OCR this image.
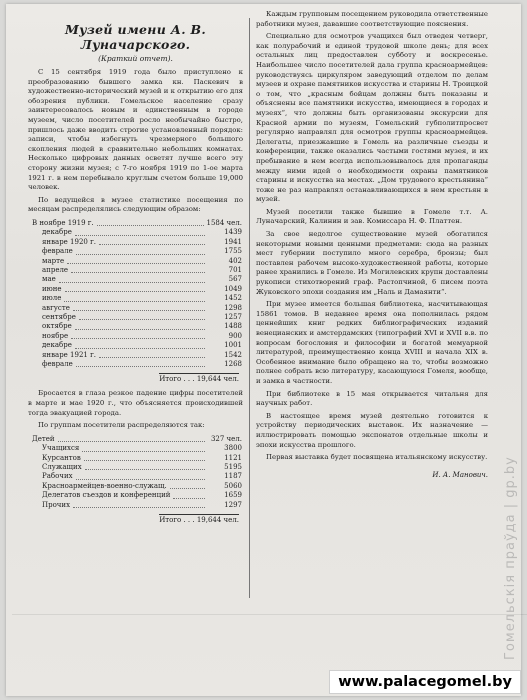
Музей имени А. В. Луначарского.
(Краткий отчет).

С 15 сентября 1919 года было приступлено к преобразованию бывшего замка кн. Паскевич в художественно-исторический музей и к открытию его для обозрения публики. Гомельское население сразу заинтересовалось новым и единственным в городе музеем, число посетителей росло необычайно быстро, пришлось даже вводить строгие установленный порядок: записи, чтобы избегнуть чрезмерного большого скопления людей в сравнительно небольших комнатах. Несколько цифровых данных осветят лучше всего эту сторону жизни музея; с 7-го ноября 1919 по 1-ое марта 1921 г. в нем перебывало круглым счетом больше 19,000 человек.

По ведущейся в музее статистике посещения по месяцам распределялись следующим образом:

В ноябре 1919 г.	1584 чел.
декабре	1439
январе 1920 г.	1941
феврале	1755
марте	402
апреле	701
мае	567
июне	1049
июле	1452
августе	1298
сентябре	1257
октябре	1488
ноябре	900
декабре	1001
январе 1921 г.	1542
феврале	1268
Итого . . . 19,644 чел.

Бросается в глаза резкое падение цифры посетителей в марте и мае 1920 г., что объясняется происходившей тогда эвакуацией города.

По группам посетители распределяются так:

Детей	327 чел.
Учащихся	3800
Курсантов	1121
Служащих	5195
Рабочих	1187
Красноармейцев-военно-служащ.	5060
Делегатов съездов и конференций	1659
Прочих	1297
Итого . . . 19,644 чел.

Каждым групповым посещением руководила ответственные работники музея, дававшие соответствующие пояснения.

Специально для осмотров учащихся был отведен четверг, как полурабочий и единой трудовой школе день; для всех остальных лиц предоставлен субботу и воскресенье. Наибольшее число посетителей дала группа красноармейцев: руководствуясь циркуляром заведующий отделом по делам музеев и охране памятников искусства и старины Н. Троицкой о том, что „красным бойцам должны быть показаны и объяснены все памятники искусства, имеющиеся в городах и музеях“, что должны быть организованы экскурсии для Красной армии по музеям, Гомельский губполитпросвет регулярно направлял для осмотров группы красноармейцев. Делегаты, приезжавшие в Гомель на различные съезды и конференции, также оказались частыми гостями музея, и их пребывание в нем всегда использовывалось для пропаганды между ними идей о необходимости охраны памятников старины и искусства на местах. „Дом трудового крестьянина“ тоже не раз направлял останавливающихся в нем крестьян в музей.

Музей посетили также бывшие в Гомеле т.т. А. Луначарский, Калинин и зав. Комиссара Н. Ф. Платтен.

За свое недолгое существование музей обогатился некоторыми новыми ценными предметами: сюда на разных мест губернии поступило много серебра, бронзы; был поставлен рабочем высоко-художественной работы, которые ранее хранились в Гомеле. Из Могилевских крупн доставлены рукописи стихотворений граф. Растопчиной, 6 писем поэта Жуковского эпохи создания им „Наль и Дамаянти“.

При музее имеется большая библиотека, насчитывающая 15861 томов. В недавнее время она пополнилась рядом ценнейших книг редких библиографических изданий венецианских и амстердамских (типографий XVI и XVII в.в. по вопросам богословия и философии и богатой мемуарной литературой, преимущественно конца XVIII и начала XIX в. Особенное внимание было обращено на то, чтобы возможно полнее собрать всю литературу, касающуюся Гомеля, вообще, и замка в частности.

При библиотеке в 15 мая открывается читальня для научных работ.

В настоящее время музей деятельно готовится к устройству периодических выставок. Их назначение — иллюстрировать помощью экспонатов отдельные школы и эпохи искусства прошлого.

Первая выставка будет посвящена итальянскому искусству.

И. А. Манович. Гомельскiя праўда | gp.by
www.palacegomel.by
